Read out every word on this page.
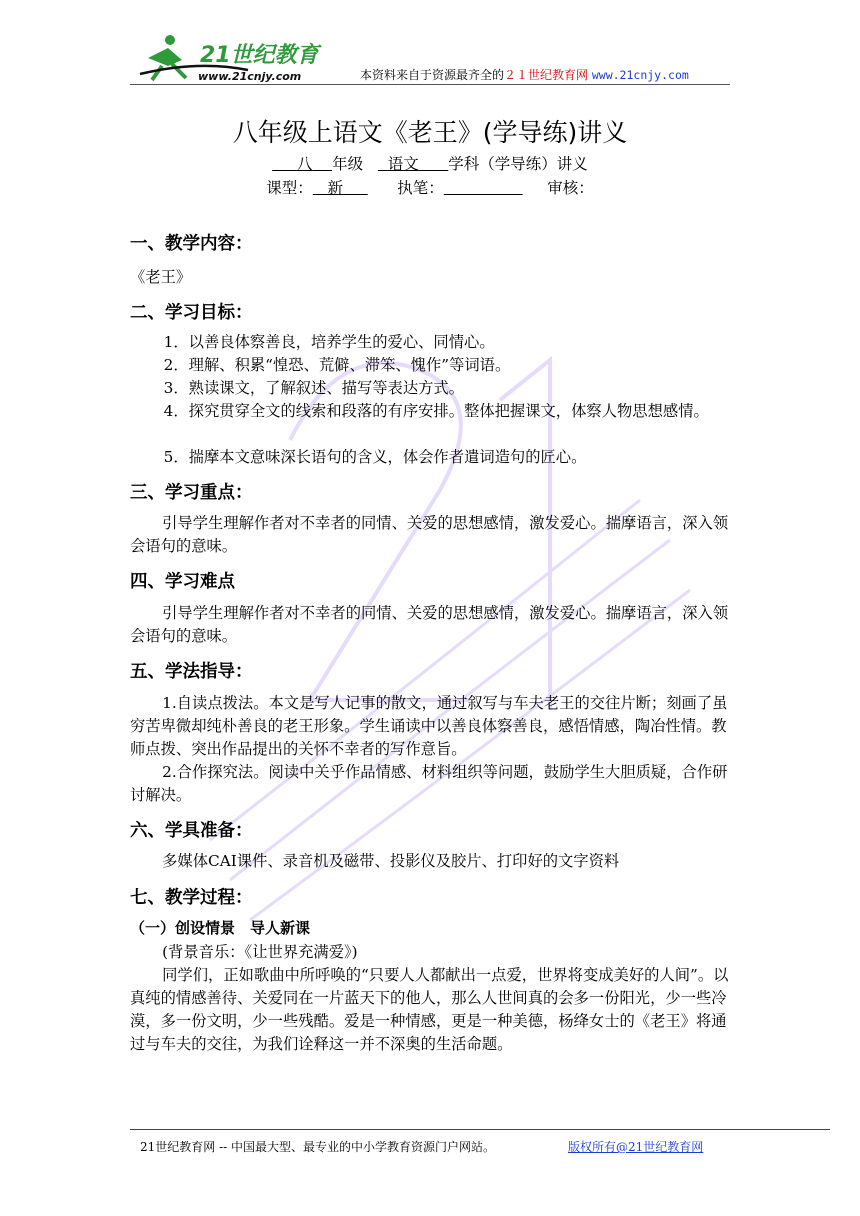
21世纪教育
www.21cnjy.com	本资料来自于资源最齐全的２１世纪教育网 www.21cnjy.com
八年级上语文《老王》(学导练)讲义
八 年级 语文 学科（学导练）讲义
课型： 新	执笔：	审核：
一、教学内容：
《老王》
二、学习目标：
1．以善良体察善良，培养学生的爱心、同情心。
2．理解、积累“惶恐、荒僻、滞笨、愧作”等词语。
3．熟读课文，了解叙述、描写等表达方式。
4．探究贯穿全文的线索和段落的有序安排。整体把握课文，体察人物思想感情。
5．揣摩本文意味深长语句的含义，体会作者遣词造句的匠心。
三、学习重点：
引导学生理解作者对不幸者的同情、关爱的思想感情，激发爱心。揣摩语言，深入领会语句的意味。
四、学习难点
引导学生理解作者对不幸者的同情、关爱的思想感情，激发爱心。揣摩语言，深入领会语句的意味。
五、学法指导：
1.自读点拨法。本文是写人记事的散文，通过叙写与车夫老王的交往片断；刻画了虽穷苦卑微却纯朴善良的老王形象。学生诵读中以善良体察善良，感悟情感，陶冶性情。教师点拨、突出作品提出的关怀不幸者的写作意旨。
2.合作探究法。阅读中关乎作品情感、材料组织等问题，鼓励学生大胆质疑，合作研讨解决。
六、学具准备：
多媒体CAI课件、录音机及磁带、投影仪及胶片、打印好的文字资料
七、教学过程：
（一）创设情景　导人新课
(背景音乐：《让世界充满爱》)
同学们，正如歌曲中所呼唤的“只要人人都献出一点爱，世界将变成美好的人间”。以真纯的情感善待、关爱同在一片蓝天下的他人，那么人世间真的会多一份阳光，少一些冷漠，多一份文明，少一些残酷。爱是一种情感，更是一种美德，杨绛女士的《老王》将通过与车夫的交往，为我们诠释这一并不深奥的生活命题。
21世纪教育网 -- 中国最大型、最专业的中小学教育资源门户网站。	版权所有@21世纪教育网
